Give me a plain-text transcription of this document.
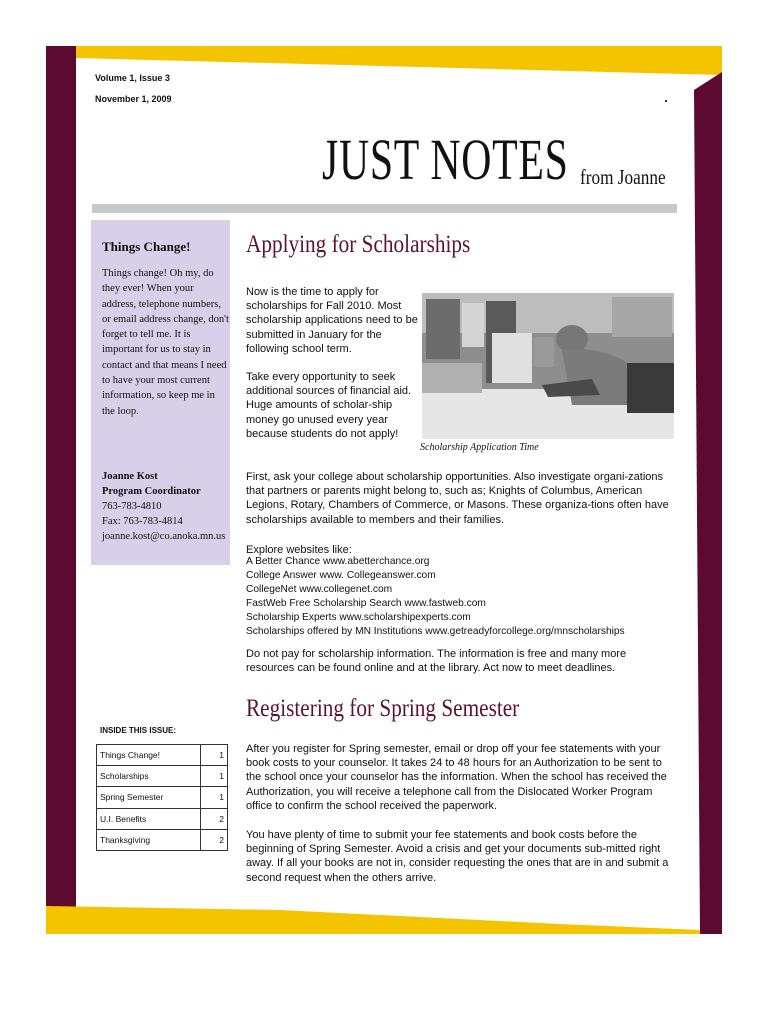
Volume 1, Issue 3
November 1, 2009
JUST NOTES from Joanne
Things Change!
Things change! Oh my, do they ever! When your address, telephone numbers, or email address change, don't forget to tell me. It is important for us to stay in contact and that means I need to have your most current information, so keep me in the loop.
Joanne Kost
Program Coordinator
763-783-4810
Fax: 763-783-4814
joanne.kost@co.anoka.mn.us
Applying for Scholarships
Now is the time to apply for scholarships for Fall 2010. Most scholarship applications need to be submitted in January for the following school term.
Take every opportunity to seek additional sources of financial aid. Huge amounts of scholar-ship money go unused every year because students do not apply!
Scholarship Application Time
First, ask your college about scholarship opportunities. Also investigate organi-zations that partners or parents might belong to, such as; Knights of Columbus, American Legions, Rotary, Chambers of Commerce, or Masons. These organiza-tions often have scholarships available to members and their families.
Explore websites like:
A Better Chance www.abetterchance.org
College Answer www. Collegeanswer.com
CollegeNet www.collegenet.com
FastWeb Free Scholarship Search www.fastweb.com
Scholarship Experts www.scholarshipexperts.com
Scholarships offered by MN Institutions www.getreadyforcollege.org/mnscholarships
Do not pay for scholarship information. The information is free and many more resources can be found online and at the library. Act now to meet deadlines.
Registering for Spring Semester
After you register for Spring semester, email or drop off your fee statements with your book costs to your counselor. It takes 24 to 48 hours for an Authorization to be sent to the school once your counselor has the information. When the school has received the Authorization, you will receive a telephone call from the Dislocated Worker Program office to confirm the school received the paperwork.
You have plenty of time to submit your fee statements and book costs before the beginning of Spring Semester. Avoid a crisis and get your documents sub-mitted right away. If all your books are not in, consider requesting the ones that are in and submit a second request when the others arrive.
INSIDE THIS ISSUE:
Things Change!	1
Scholarships	1
Spring Semester	1
U.I. Benefits	2
Thanksgiving	2
